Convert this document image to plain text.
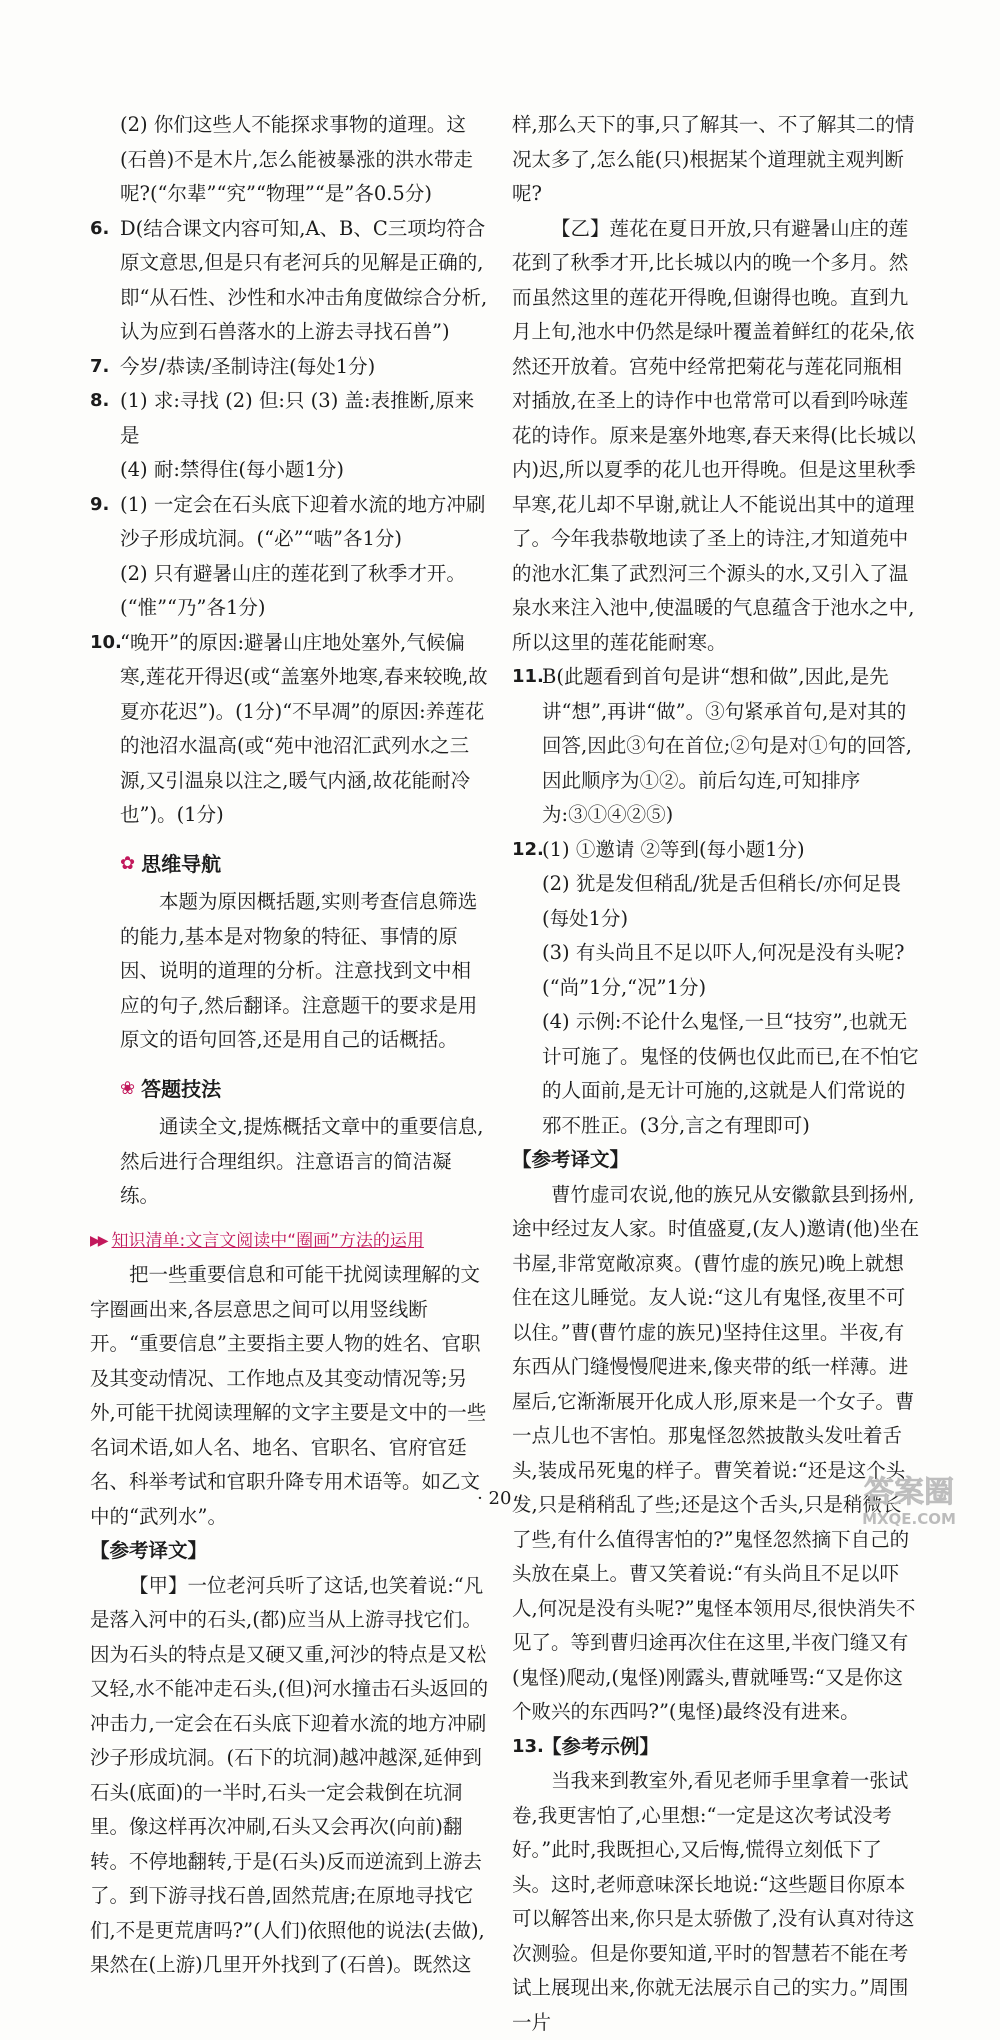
(2) 你们这些人不能探求事物的道理。这(石兽)不是木片,怎么能被暴涨的洪水带走呢?(“尔辈”“究”“物理”“是”各0.5分)

6. D(结合课文内容可知,A、B、C三项均符合原文意思,但是只有老河兵的见解是正确的,即“从石性、沙性和水冲击角度做综合分析,认为应到石兽落水的上游去寻找石兽”)

7. 今岁/恭读/圣制诗注(每处1分)

8. (1) 求:寻找 (2) 但:只 (3) 盖:表推断,原来是

(4) 耐:禁得住(每小题1分)

9. (1) 一定会在石头底下迎着水流的地方冲刷沙子形成坑洞。(“必”“啮”各1分)

(2) 只有避暑山庄的莲花到了秋季才开。(“惟”“乃”各1分)

10.

“晚开”的原因:避暑山庄地处塞外,气候偏寒,莲花开得迟(或“盖塞外地寒,春来较晚,故夏亦花迟”)。(1分)“不早凋”的原因:养莲花的池沼水温高(或“苑中池沼汇武列水之三源,又引温泉以注之,暖气内涵,故花能耐冷也”)。(1分)

✿ 思维导航

本题为原因概括题,实则考查信息筛选的能力,基本是对物象的特征、事情的原因、说明的道理的分析。注意找到文中相应的句子,然后翻译。注意题干的要求是用原文的语句回答,还是用自己的话概括。

❀ 答题技法

通读全文,提炼概括文章中的重要信息,然后进行合理组织。注意语言的简洁凝练。

▶▶ 知识清单:文言文阅读中“圈画”方法的运用

把一些重要信息和可能干扰阅读理解的文字圈画出来,各层意思之间可以用竖线断开。“重要信息”主要指主要人物的姓名、官职及其变动情况、工作地点及其变动情况等;另外,可能干扰阅读理解的文字主要是文中的一些名词术语,如人名、地名、官职名、官府官廷名、科举考试和官职升降专用术语等。如乙文中的“武列水”。

【参考译文】

【甲】一位老河兵听了这话,也笑着说:“凡是落入河中的石头,(都)应当从上游寻找它们。因为石头的特点是又硬又重,河沙的特点是又松又轻,水不能冲走石头,(但)河水撞击石头返回的冲击力,一定会在石头底下迎着水流的地方冲刷沙子形成坑洞。(石下的坑洞)越冲越深,延伸到石头(底面)的一半时,石头一定会栽倒在坑洞里。像这样再次冲刷,石头又会再次(向前)翻转。不停地翻转,于是(石头)反而逆流到上游去了。到下游寻找石兽,固然荒唐;在原地寻找它们,不是更荒唐吗?”(人们)依照他的说法(去做),果然在(上游)几里开外找到了(石兽)。既然这

样,那么天下的事,只了解其一、不了解其二的情况太多了,怎么能(只)根据某个道理就主观判断呢?

【乙】莲花在夏日开放,只有避暑山庄的莲花到了秋季才开,比长城以内的晚一个多月。然而虽然这里的莲花开得晚,但谢得也晚。直到九月上旬,池水中仍然是绿叶覆盖着鲜红的花朵,依然还开放着。宫苑中经常把菊花与莲花同瓶相对插放,在圣上的诗作中也常常可以看到吟咏莲花的诗作。原来是塞外地寒,春天来得(比长城以内)迟,所以夏季的花儿也开得晚。但是这里秋季早寒,花儿却不早谢,就让人不能说出其中的道理了。今年我恭敬地读了圣上的诗注,才知道苑中的池水汇集了武烈河三个源头的水,又引入了温泉水来注入池中,使温暖的气息蕴含于池水之中,所以这里的莲花能耐寒。

11.

B(此题看到首句是讲“想和做”,因此,是先讲“想”,再讲“做”。③句紧承首句,是对其的回答,因此③句在首位;②句是对①句的回答,因此顺序为①②。前后勾连,可知排序为:③①④②⑤)

12.

(1) ①邀请 ②等到(每小题1分)

(2) 犹是发但稍乱/犹是舌但稍长/亦何足畏(每处1分)

(3) 有头尚且不足以吓人,何况是没有头呢?(“尚”1分,“况”1分)

(4) 示例:不论什么鬼怪,一旦“技穷”,也就无计可施了。鬼怪的伎俩也仅此而已,在不怕它的人面前,是无计可施的,这就是人们常说的邪不胜正。(3分,言之有理即可)

【参考译文】

曹竹虚司农说,他的族兄从安徽歙县到扬州,途中经过友人家。时值盛夏,(友人)邀请(他)坐在书屋,非常宽敞凉爽。(曹竹虚的族兄)晚上就想住在这儿睡觉。友人说:“这儿有鬼怪,夜里不可以住。”曹(曹竹虚的族兄)坚持住这里。半夜,有东西从门缝慢慢爬进来,像夹带的纸一样薄。进屋后,它渐渐展开化成人形,原来是一个女子。曹一点儿也不害怕。那鬼怪忽然披散头发吐着舌头,装成吊死鬼的样子。曹笑着说:“还是这个头发,只是稍稍乱了些;还是这个舌头,只是稍微长了些,有什么值得害怕的?”鬼怪忽然摘下自己的头放在桌上。曹又笑着说:“有头尚且不足以吓人,何况是没有头呢?”鬼怪本领用尽,很快消失不见了。等到曹归途再次住在这里,半夜门缝又有(鬼怪)爬动,(鬼怪)刚露头,曹就唾骂:“又是你这个败兴的东西吗?”(鬼怪)最终没有进来。

13.
【参考示例】

当我来到教室外,看见老师手里拿着一张试卷,我更害怕了,心里想:“一定是这次考试没考好。”此时,我既担心,又后悔,慌得立刻低下了头。这时,老师意味深长地说:“这些题目你原本可以解答出来,你只是太骄傲了,没有认真对待这次测验。但是你要知道,平时的智慧若不能在考试上展现出来,你就无法展示自己的实力。”周围一片

· 20 ·	答案圈
MXQE.COM
